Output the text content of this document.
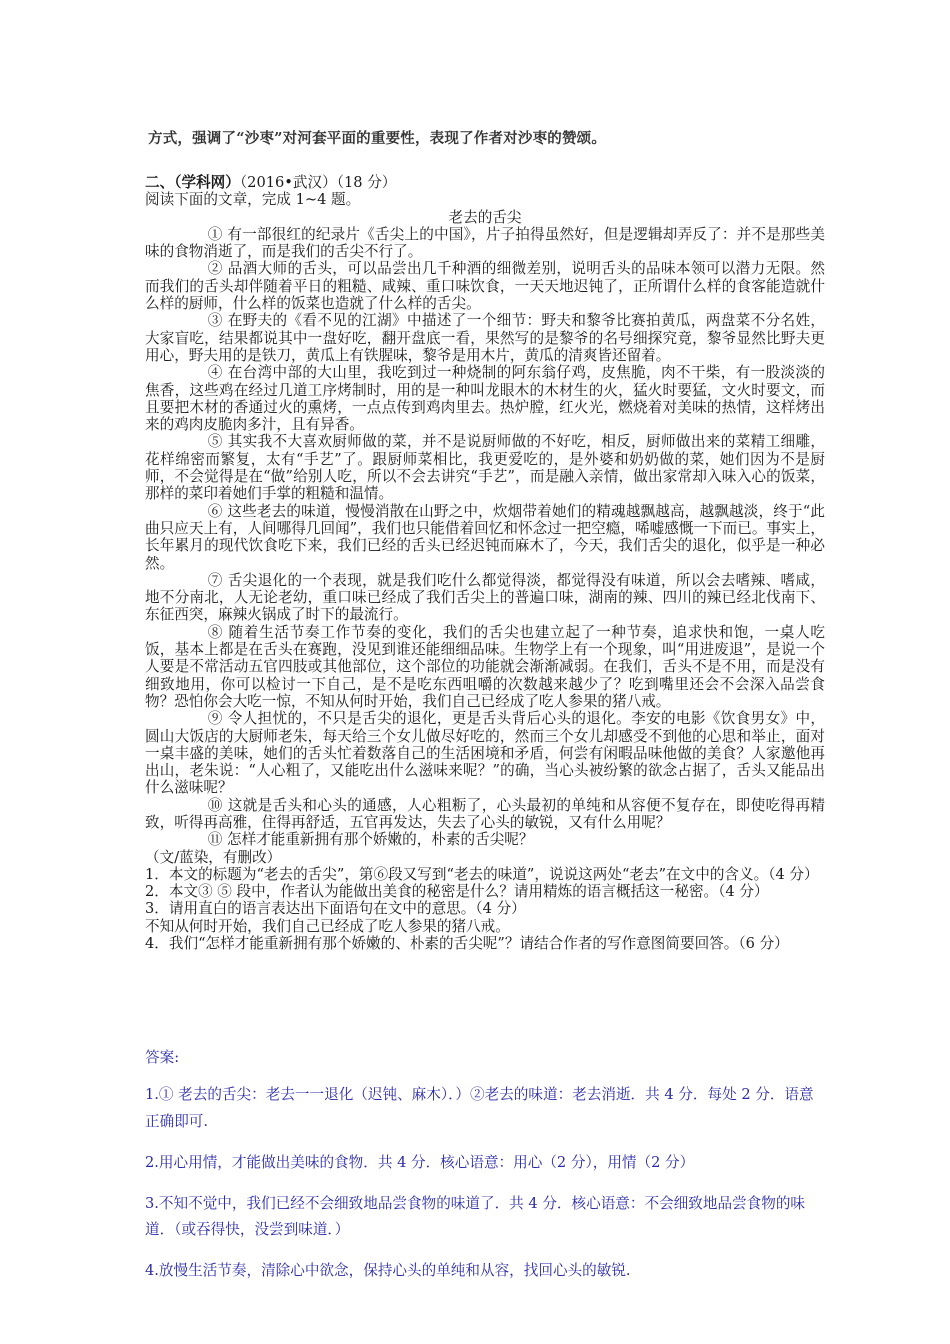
方式，强调了“沙枣”对河套平面的重要性，表现了作者对沙枣的赞颂。

二、（学科网）（2016•武汉）（18 分）

阅读下面的文章，完成 1~4 题。

老去的舌尖

① 有一部很红的纪录片《舌尖上的中国》，片子拍得虽然好，但是逻辑却弄反了：并不是那些美味的食物消逝了，而是我们的舌尖不行了。

② 品酒大师的舌头，可以品尝出几千种酒的细微差别，说明舌头的品味本领可以潜力无限。然而我们的舌头却伴随着平日的粗糙、咸辣、重口味饮食，一天天地迟钝了，正所谓什么样的食客能造就什么样的厨师，什么样的饭菜也造就了什么样的舌尖。

③ 在野夫的《看不见的江湖》中描述了一个细节：野夫和黎爷比赛拍黄瓜，两盘菜不分名姓，大家盲吃，结果都说其中一盘好吃，翻开盘底一看，果然写的是黎爷的名号细探究竟，黎爷显然比野夫更用心，野夫用的是铁刀，黄瓜上有铁腥味，黎爷是用木片，黄瓜的清爽皆还留着。

④ 在台湾中部的大山里，我吃到过一种烧制的阿东翁仔鸡，皮焦脆，肉不干柴，有一股淡淡的焦香，这些鸡在经过几道工序烤制时，用的是一种叫龙眼木的木材生的火，猛火时要猛，文火时要文，而且要把木材的香通过火的熏烤，一点点传到鸡肉里去。热炉膛，红火光，燃烧着对美味的热情，这样烤出来的鸡肉皮脆肉多汁，且有异香。

⑤ 其实我不大喜欢厨师做的菜，并不是说厨师做的不好吃，相反，厨师做出来的菜精工细雕，花样绵密而繁复，太有“手艺”了。跟厨师菜相比，我更爱吃的，是外婆和奶奶做的菜，她们因为不是厨师，不会觉得是在“做”给别人吃，所以不会去讲究“手艺”，而是融入亲情，做出家常却入味入心的饭菜，那样的菜印着她们手掌的粗糙和温情。

⑥ 这些老去的味道，慢慢消散在山野之中，炊烟带着她们的精魂越飘越高，越飘越淡，终于“此曲只应天上有，人间哪得几回闻”，我们也只能借着回忆和怀念过一把空瘾，唏嘘感慨一下而已。事实上，长年累月的现代饮食吃下来，我们已经的舌头已经迟钝而麻木了，今天，我们舌尖的退化，似乎是一种必然。

⑦ 舌尖退化的一个表现，就是我们吃什么都觉得淡，都觉得没有味道，所以会去嗜辣、嗜咸，地不分南北，人无论老幼，重口味已经成了我们舌尖上的普遍口味，湖南的辣、四川的辣已经北伐南下、东征西突，麻辣火锅成了时下的最流行。

⑧ 随着生活节奏工作节奏的变化，我们的舌尖也建立起了一种节奏，追求快和饱，一桌人吃饭，基本上都是在舌头在赛跑，没见到谁还能细细品味。生物学上有一个现象，叫“用进废退”，是说一个人要是不常活动五官四肢或其他部位，这个部位的功能就会渐渐减弱。在我们，舌头不是不用，而是没有细致地用，你可以检讨一下自己，是不是吃东西咀嚼的次数越来越少了？吃到嘴里还会不会深入品尝食物？恐怕你会大吃一惊，不知从何时开始，我们自己已经成了吃人参果的猪八戒。

⑨ 令人担忧的，不只是舌尖的退化，更是舌头背后心头的退化。李安的电影《饮食男女》中，圆山大饭店的大厨师老朱，每天给三个女儿做尽好吃的，然而三个女儿却感受不到他的心思和举止，面对一桌丰盛的美味，她们的舌头忙着数落自己的生活困境和矛盾，何尝有闲暇品味他做的美食？人家邀他再出山，老朱说：“人心粗了，又能吃出什么滋味来呢？”的确，当心头被纷繁的欲念占据了，舌头又能品出什么滋味呢？

⑩ 这就是舌头和心头的通感，人心粗粝了，心头最初的单纯和从容便不复存在，即使吃得再精致，听得再高雅，住得再舒适，五官再发达，失去了心头的敏锐，又有什么用呢？

⑪ 怎样才能重新拥有那个娇嫩的，朴素的舌尖呢？

（文/蓝染，有删改）

1．本文的标题为“老去的舌尖”，第⑥段又写到“老去的味道”，说说这两处“老去”在文中的含义。（4 分）

2．本文③ ⑤ 段中，作者认为能做出美食的秘密是什么？请用精炼的语言概括这一秘密。（4 分）

3．请用直白的语言表达出下面语句在文中的意思。（4 分）

不知从何时开始，我们自己已经成了吃人参果的猪八戒。

4．我们“怎样才能重新拥有那个娇嫩的、朴素的舌尖呢”？请结合作者的写作意图简要回答。（6 分）

答案:

1.① 老去的舌尖：老去一一退化（迟钝、麻木）．）②老去的味道：老去消逝．共 4 分．每处 2 分．语意正确即可.

2.用心用情，才能做出美味的食物．共 4 分．核心语意：用心（2 分），用情（2 分）

3.不知不觉中，我们已经不会细致地品尝食物的味道了．共 4 分．核心语意：不会细致地品尝食物的味道．（或吞得快，没尝到味道．）

4.放慢生活节奏，清除心中欲念，保持心头的单纯和从容，找回心头的敏锐.
